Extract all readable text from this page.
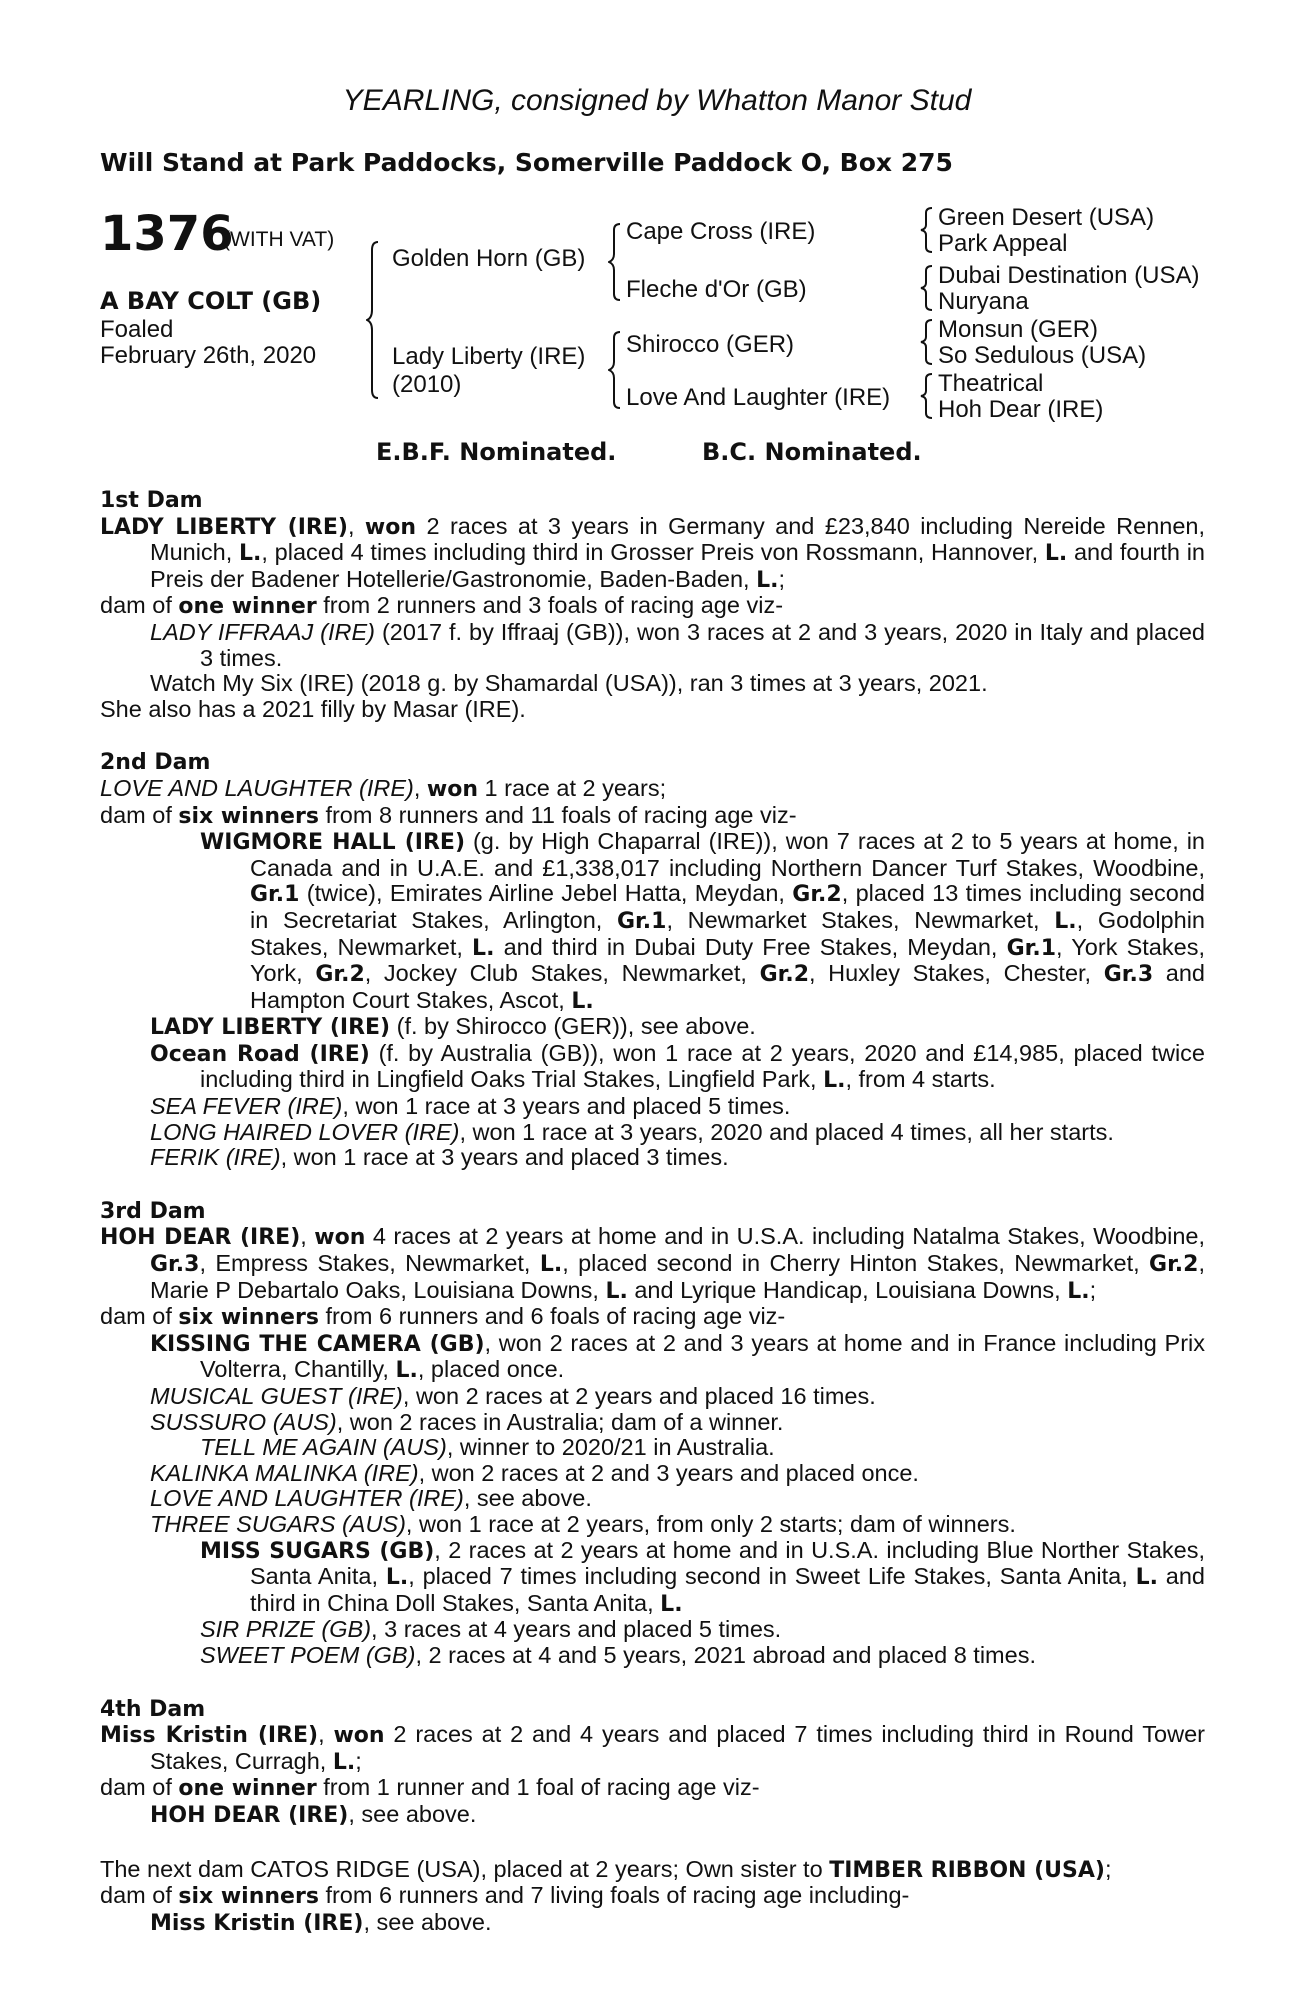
YEARLING, consigned by Whatton Manor Stud
Will Stand at Park Paddocks, Somerville Paddock O, Box 275
1376
(WITH VAT)
A BAY COLT (GB)
Foaled
February 26th, 2020
Golden Horn (GB)
Lady Liberty (IRE)
(2010)
Cape Cross (IRE)
Fleche d'Or (GB)
Shirocco (GER)
Love And Laughter (IRE)
Green Desert (USA)
Park Appeal
Dubai Destination (USA)
Nuryana
Monsun (GER)
So Sedulous (USA)
Theatrical
Hoh Dear (IRE)
E.B.F. Nominated.	B.C. Nominated.

1st Dam

LADY LIBERTY (IRE), won 2 races at 3 years in Germany and £23,840 including Nereide Rennen, Munich, L., placed 4 times including third in Grosser Preis von Rossmann, Hannover, L. and fourth in Preis der Badener Hotellerie/Gastronomie, Baden-Baden, L.;

dam of one winner from 2 runners and 3 foals of racing age viz-

LADY IFFRAAJ (IRE) (2017 f. by Iffraaj (GB)), won 3 races at 2 and 3 years, 2020 in Italy and placed 3 times.

Watch My Six (IRE) (2018 g. by Shamardal (USA)), ran 3 times at 3 years, 2021.

She also has a 2021 filly by Masar (IRE).

2nd Dam

LOVE AND LAUGHTER (IRE), won 1 race at 2 years;

dam of six winners from 8 runners and 11 foals of racing age viz-

WIGMORE HALL (IRE) (g. by High Chaparral (IRE)), won 7 races at 2 to 5 years at home, in Canada and in U.A.E. and £1,338,017 including Northern Dancer Turf Stakes, Woodbine, Gr.1 (twice), Emirates Airline Jebel Hatta, Meydan, Gr.2, placed 13 times including second in Secretariat Stakes, Arlington, Gr.1, Newmarket Stakes, Newmarket, L., Godolphin Stakes, Newmarket, L. and third in Dubai Duty Free Stakes, Meydan, Gr.1, York Stakes, York, Gr.2, Jockey Club Stakes, Newmarket, Gr.2, Huxley Stakes, Chester, Gr.3 and Hampton Court Stakes, Ascot, L.

LADY LIBERTY (IRE) (f. by Shirocco (GER)), see above.

Ocean Road (IRE) (f. by Australia (GB)), won 1 race at 2 years, 2020 and £14,985, placed twice including third in Lingfield Oaks Trial Stakes, Lingfield Park, L., from 4 starts.

SEA FEVER (IRE), won 1 race at 3 years and placed 5 times.

LONG HAIRED LOVER (IRE), won 1 race at 3 years, 2020 and placed 4 times, all her starts.

FERIK (IRE), won 1 race at 3 years and placed 3 times.

3rd Dam

HOH DEAR (IRE), won 4 races at 2 years at home and in U.S.A. including Natalma Stakes, Woodbine, Gr.3, Empress Stakes, Newmarket, L., placed second in Cherry Hinton Stakes, Newmarket, Gr.2, Marie P Debartalo Oaks, Louisiana Downs, L. and Lyrique Handicap, Louisiana Downs, L.;

dam of six winners from 6 runners and 6 foals of racing age viz-

KISSING THE CAMERA (GB), won 2 races at 2 and 3 years at home and in France including Prix Volterra, Chantilly, L., placed once.

MUSICAL GUEST (IRE), won 2 races at 2 years and placed 16 times.

SUSSURO (AUS), won 2 races in Australia; dam of a winner.

TELL ME AGAIN (AUS), winner to 2020/21 in Australia.

KALINKA MALINKA (IRE), won 2 races at 2 and 3 years and placed once.

LOVE AND LAUGHTER (IRE), see above.

THREE SUGARS (AUS), won 1 race at 2 years, from only 2 starts; dam of winners.

MISS SUGARS (GB), 2 races at 2 years at home and in U.S.A. including Blue Norther Stakes, Santa Anita, L., placed 7 times including second in Sweet Life Stakes, Santa Anita, L. and third in China Doll Stakes, Santa Anita, L.

SIR PRIZE (GB), 3 races at 4 years and placed 5 times.

SWEET POEM (GB), 2 races at 4 and 5 years, 2021 abroad and placed 8 times.

4th Dam

Miss Kristin (IRE), won 2 races at 2 and 4 years and placed 7 times including third in Round Tower Stakes, Curragh, L.;

dam of one winner from 1 runner and 1 foal of racing age viz-

HOH DEAR (IRE), see above.

The next dam CATOS RIDGE (USA), placed at 2 years; Own sister to TIMBER RIBBON (USA);

dam of six winners from 6 runners and 7 living foals of racing age including-

Miss Kristin (IRE), see above.
